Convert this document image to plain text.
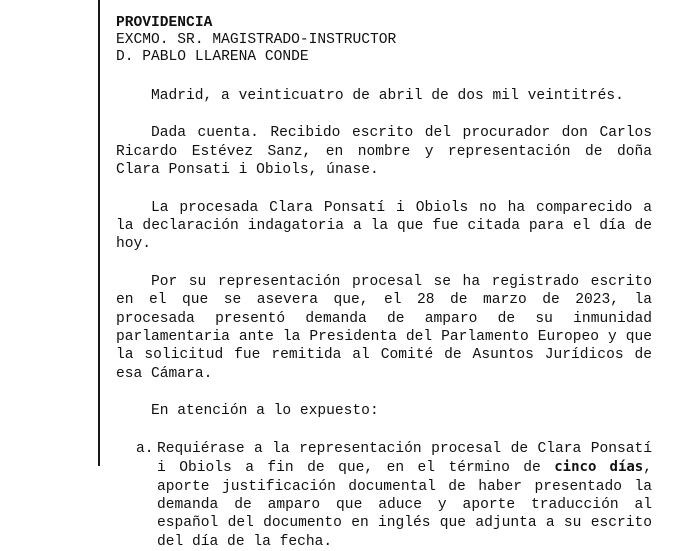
PROVIDENCIA

EXCMO. SR. MAGISTRADO-INSTRUCTOR

D. PABLO LLARENA CONDE

Madrid, a veinticuatro de abril de dos mil veintitrés.

Dada cuenta. Recibido escrito del procurador don Carlos Ricardo Estévez Sanz, en nombre y representación de doña Clara Ponsati i Obiols, únase.

La procesada Clara Ponsatí i Obiols no ha comparecido a la declaración indagatoria a la que fue citada para el día de hoy.

Por su representación procesal se ha registrado escrito en el que se asevera que, el 28 de marzo de 2023, la procesada presentó demanda de amparo de su inmunidad parlamentaria ante la Presidenta del Parlamento Europeo y que la solicitud fue remitida al Comité de Asuntos Jurídicos de esa Cámara.

En atención a lo expuesto:

a. Requiérase a la representación procesal de Clara Ponsatí i Obiols a fin de que, en el término de cinco días, aporte justificación documental de haber presentado la demanda de amparo que aduce y aporte traducción al español del documento en inglés que adjunta a su escrito del día de la fecha.
